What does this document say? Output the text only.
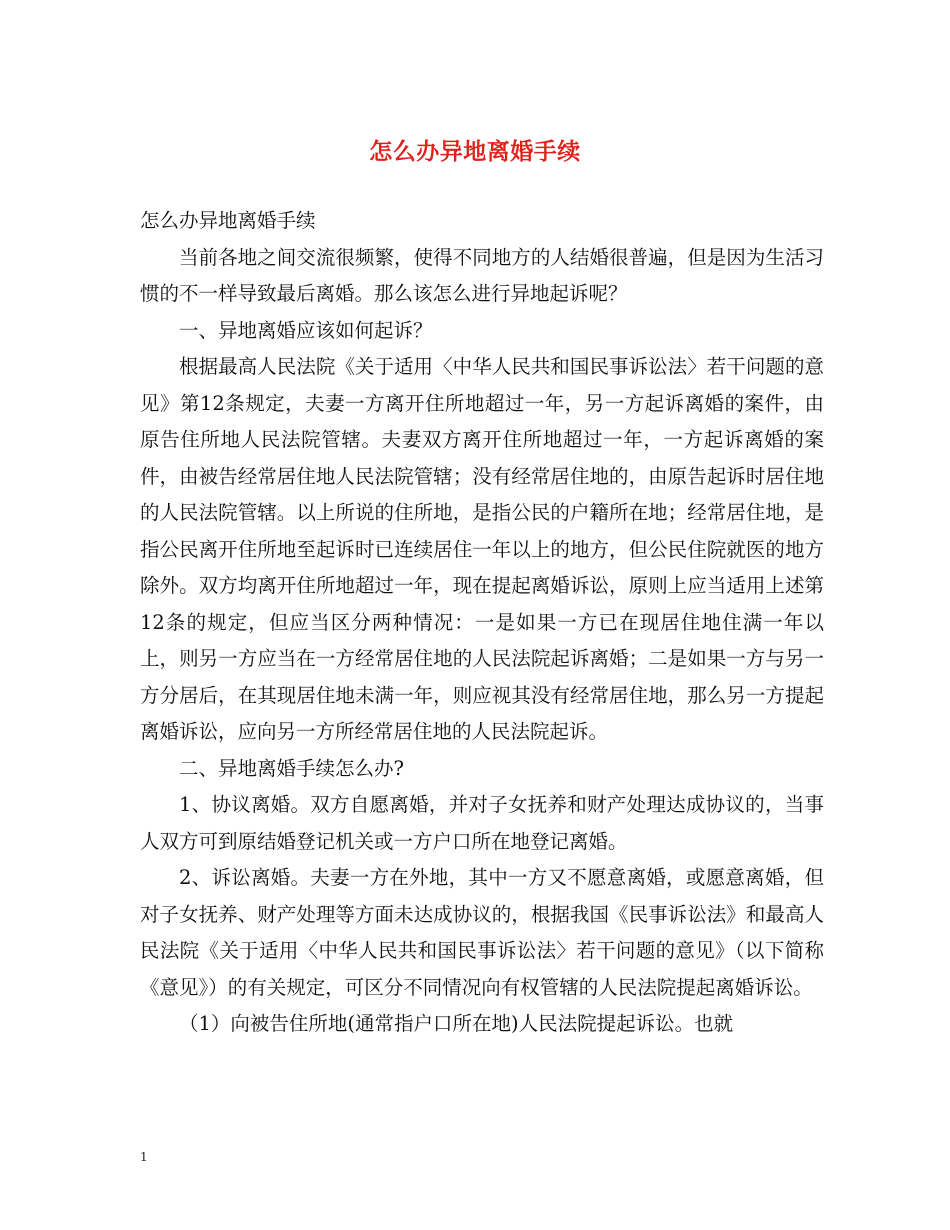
怎么办异地离婚手续

怎么办异地离婚手续

当前各地之间交流很频繁，使得不同地方的人结婚很普遍，但是因为生活习惯的不一样导致最后离婚。那么该怎么进行异地起诉呢？

一、异地离婚应该如何起诉？

根据最高人民法院《关于适用〈中华人民共和国民事诉讼法〉若干问题的意见》第12条规定，夫妻一方离开住所地超过一年，另一方起诉离婚的案件，由原告住所地人民法院管辖。夫妻双方离开住所地超过一年，一方起诉离婚的案件，由被告经常居住地人民法院管辖；没有经常居住地的，由原告起诉时居住地的人民法院管辖。以上所说的住所地，是指公民的户籍所在地；经常居住地，是指公民离开住所地至起诉时已连续居住一年以上的地方，但公民住院就医的地方除外。双方均离开住所地超过一年，现在提起离婚诉讼，原则上应当适用上述第12条的规定，但应当区分两种情况：一是如果一方已在现居住地住满一年以上，则另一方应当在一方经常居住地的人民法院起诉离婚；二是如果一方与另一方分居后，在其现居住地未满一年，则应视其没有经常居住地，那么另一方提起离婚诉讼，应向另一方所经常居住地的人民法院起诉。

二、异地离婚手续怎么办?

1、协议离婚。双方自愿离婚，并对子女抚养和财产处理达成协议的，当事人双方可到原结婚登记机关或一方户口所在地登记离婚。

2、诉讼离婚。夫妻一方在外地，其中一方又不愿意离婚，或愿意离婚，但对子女抚养、财产处理等方面未达成协议的，根据我国《民事诉讼法》和最高人民法院《关于适用〈中华人民共和国民事诉讼法〉若干问题的意见》（以下简称《意见》）的有关规定，可区分不同情况向有权管辖的人民法院提起离婚诉讼。

（1）向被告住所地(通常指户口所在地)人民法院提起诉讼。也就

1
